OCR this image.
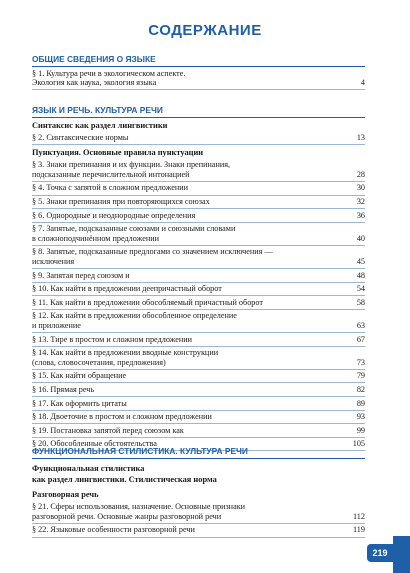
СОДЕРЖАНИЕ
ОБЩИЕ СВЕДЕНИЯ О ЯЗЫКЕ
§ 1. Культура речи в экологическом аспекте.
Экология как наука, экология языка	4
ЯЗЫК И РЕЧЬ. КУЛЬТУРА РЕЧИ
Синтаксис как раздел лингвистики
§ 2. Синтаксические нормы	13
Пунктуация. Основные правила пунктуации
§ 3. Знаки препинания и их функции. Знаки препинания,
подсказанные перечислительной интонацией	28
§ 4. Точка с запятой в сложном предложении	30
§ 5. Знаки препинания при повторяющихся союзах	32
§ 6. Однородные и неоднородные определения	36
§ 7. Запятые, подсказанные союзами и союзными словами
в сложноподчинённом предложении	40
§ 8. Запятые, подсказанные предлогами со значением исключения —
исключения	45
§ 9. Запятая перед союзом и	48
§ 10. Как найти в предложении деепричастный оборот	54
§ 11. Как найти в предложении обособляемый причастный оборот	58
§ 12. Как найти в предложении обособленное определение
и приложение	63
§ 13. Тире в простом и сложном предложении	67
§ 14. Как найти в предложении вводные конструкции
(слова, словосочетания, предложения)	73
§ 15. Как найти обращение	79
§ 16. Прямая речь	82
§ 17. Как оформить цитаты	89
§ 18. Двоеточие в простом и сложном предложении	93
§ 19. Постановка запятой перед союзом как	99
§ 20. Обособленные обстоятельства	105
ФУНКЦИОНАЛЬНАЯ СТИЛИСТИКА. КУЛЬТУРА РЕЧИ
Функциональная стилистика
как раздел лингвистики. Стилистическая норма
Разговорная речь
§ 21. Сферы использования, назначение. Основные признаки
разговорной речи. Основные жанры разговорной речи	112
§ 22. Языковые особенности разговорной речи	119
219
